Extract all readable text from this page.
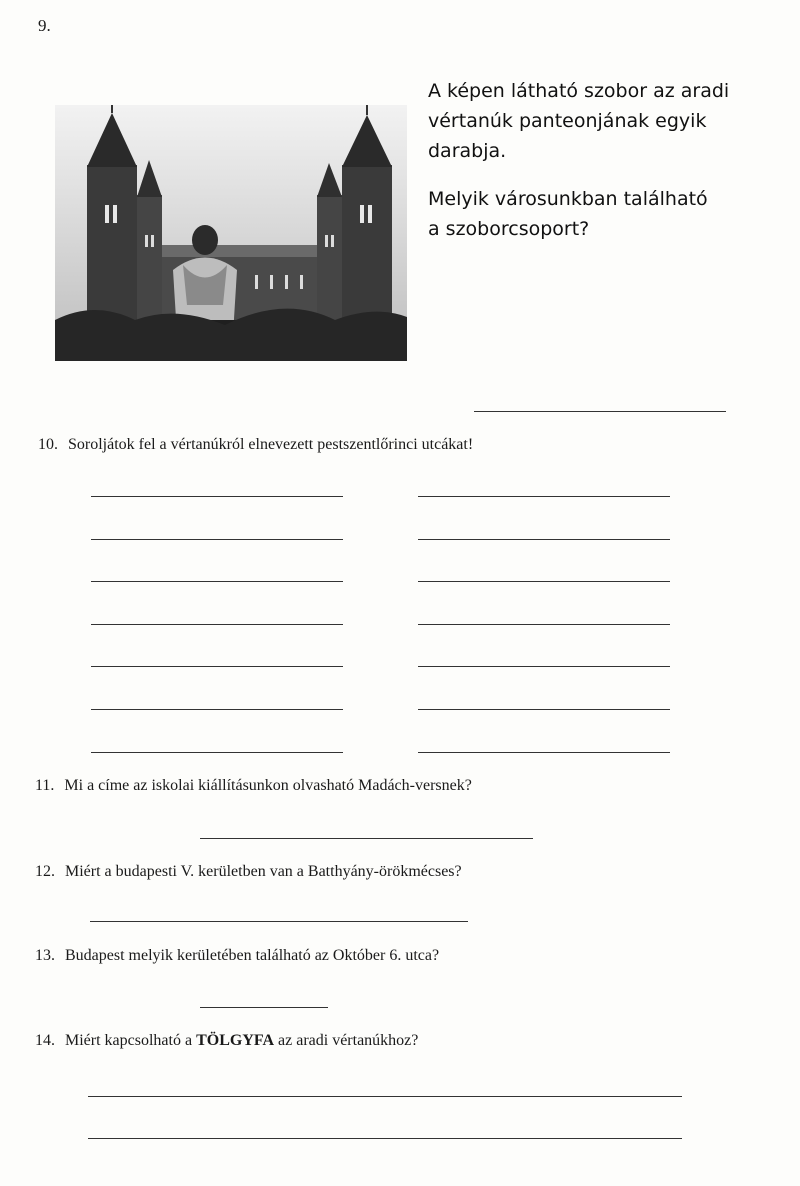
9.
A képen látható szobor az aradi
vértanúk panteonjának egyik
darabja.
Melyik városunkban található
a szoborcsoport?
10. Soroljátok fel a vértanúkról elnevezett pestszentlőrinci utcákat!
11. Mi a címe az iskolai kiállításunkon olvasható Madách-versnek?
12. Miért a budapesti V. kerületben van a Batthyány-örökmécses?
13. Budapest melyik kerületében található az Október 6. utca?
14. Miért kapcsolható a TÖLGYFA az aradi vértanúkhoz?
